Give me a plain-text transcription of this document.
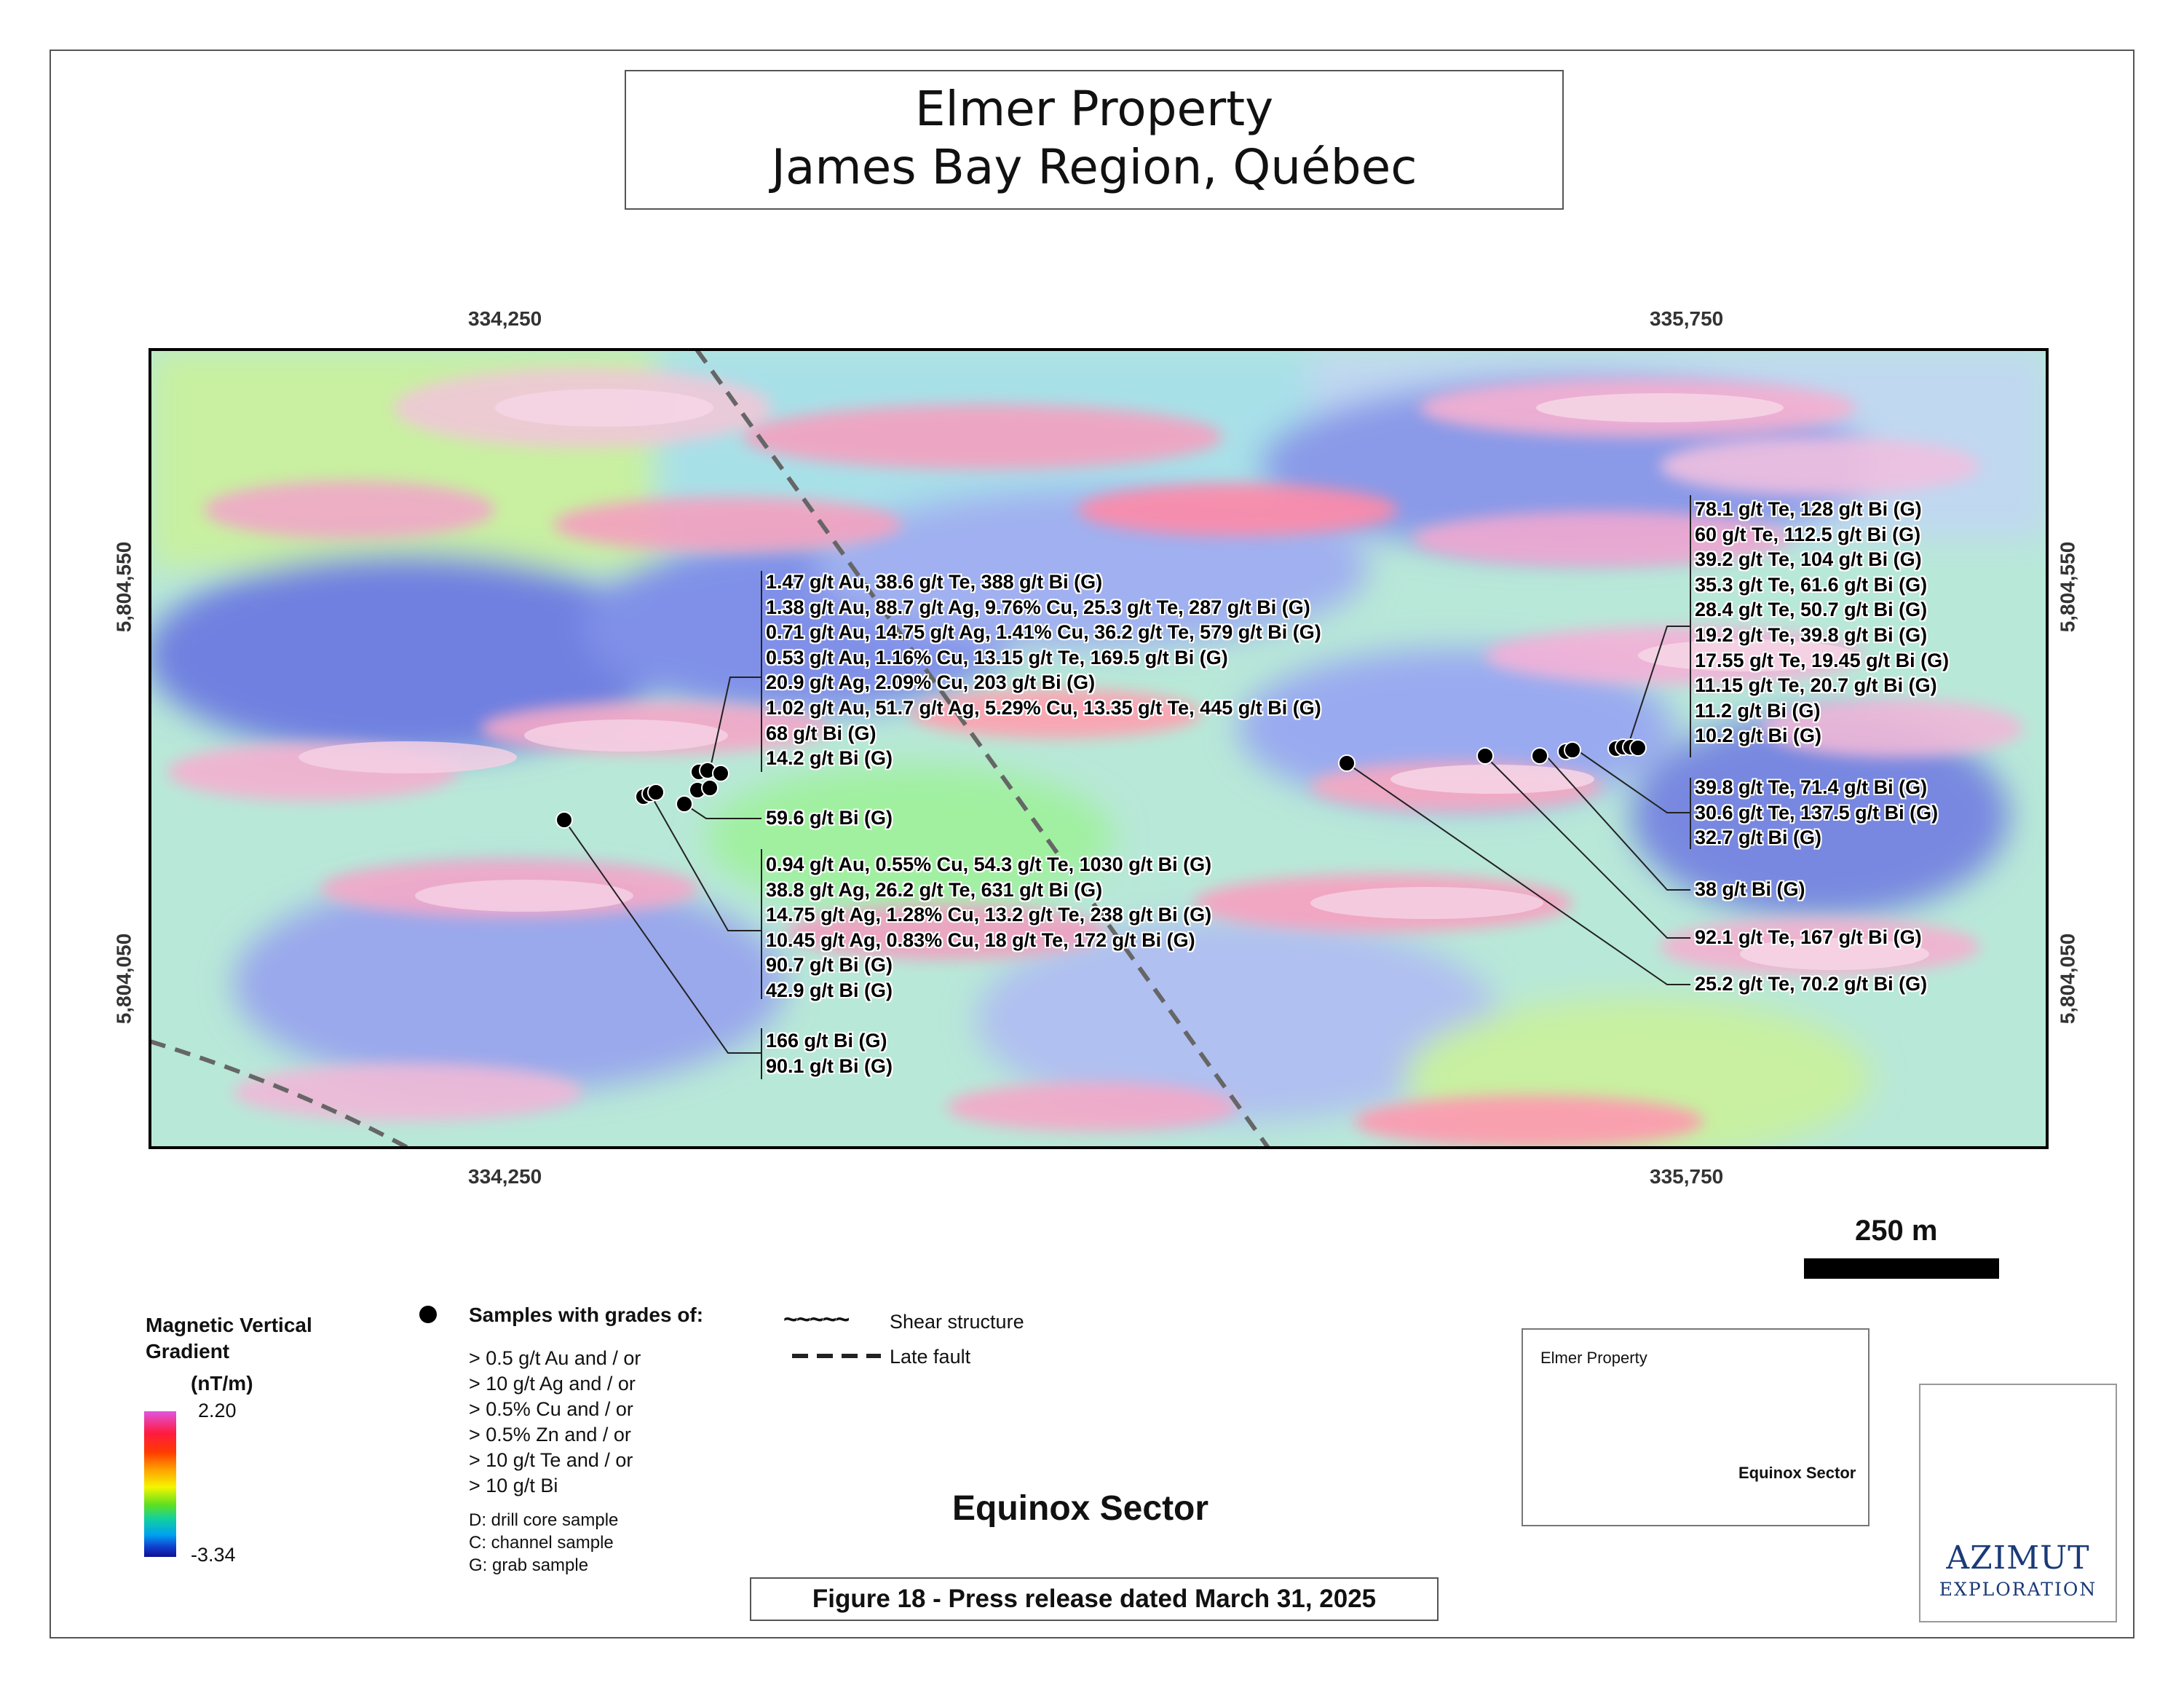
Elmer Property
James Bay Region, Québec
334,250	335,750
334,250	335,750
5,804,550
5,804,050
5,804,550
5,804,050
1.47 g/t Au, 38.6 g/t Te, 388 g/t Bi (G)
1.38 g/t Au, 88.7 g/t Ag, 9.76% Cu, 25.3 g/t Te, 287 g/t Bi (G)
0.71 g/t Au, 14.75 g/t Ag, 1.41% Cu, 36.2 g/t Te, 579 g/t Bi (G)
0.53 g/t Au, 1.16% Cu, 13.15 g/t Te, 169.5 g/t Bi (G)
20.9 g/t Ag, 2.09% Cu, 203 g/t Bi (G)
1.02 g/t Au, 51.7 g/t Ag, 5.29% Cu, 13.35 g/t Te, 445 g/t Bi (G)
68 g/t Bi (G)
14.2 g/t Bi (G)
59.6 g/t Bi (G)
0.94 g/t Au, 0.55% Cu, 54.3 g/t Te, 1030 g/t Bi (G)
38.8 g/t Ag, 26.2 g/t Te, 631 g/t Bi (G)
14.75 g/t Ag, 1.28% Cu, 13.2 g/t Te, 238 g/t Bi (G)
10.45 g/t Ag, 0.83% Cu, 18 g/t Te, 172 g/t Bi (G)
90.7 g/t Bi (G)
42.9 g/t Bi (G)
166 g/t Bi (G)
90.1 g/t Bi (G)
78.1 g/t Te, 128 g/t Bi (G)
60 g/t Te, 112.5 g/t Bi (G)
39.2 g/t Te, 104 g/t Bi (G)
35.3 g/t Te, 61.6 g/t Bi (G)
28.4 g/t Te, 50.7 g/t Bi (G)
19.2 g/t Te, 39.8 g/t Bi (G)
17.55 g/t Te, 19.45 g/t Bi (G)
11.15 g/t Te, 20.7 g/t Bi (G)
11.2 g/t Bi (G)
10.2 g/t Bi (G)
39.8 g/t Te, 71.4 g/t Bi (G)
30.6 g/t Te, 137.5 g/t Bi (G)
32.7 g/t Bi (G)
38 g/t Bi (G)
92.1 g/t Te, 167 g/t Bi (G)
25.2 g/t Te, 70.2 g/t Bi (G)
250 m
Magnetic Vertical
Gradient
(nT/m)
2.20
-3.34
Samples with grades of:
> 0.5 g/t Au and / or
> 10 g/t Ag and / or
> 0.5% Cu and / or
> 0.5% Zn and / or
> 10 g/t Te and / or
> 10 g/t Bi
D: drill core sample
C: channel sample
G: grab sample
~~~~~ Shear structure
Late fault
Equinox Sector
Figure 18 - Press release dated March 31, 2025
Elmer Property
Equinox Sector
AZIMUT
EXPLORATION
